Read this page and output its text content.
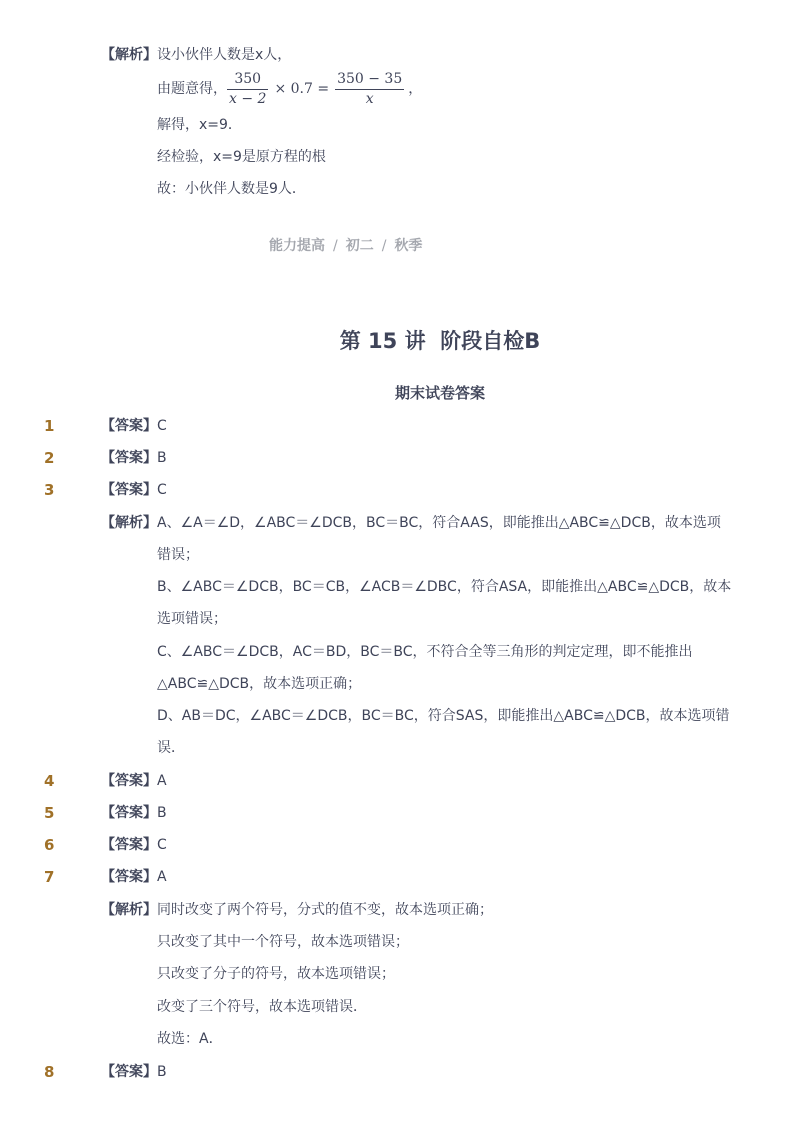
【解析】 设小伙伴人数是x人，
由题意得， $\frac{350}{x - 2} \times 0.7 = \frac{350 - 35}{x}$ ，
解得，x=9．
经检验，x=9是原方程的根
故：小伙伴人数是9人．
能力提高 / 初二 / 秋季
第 15 讲  阶段自检B
期末试卷答案
1	【答案】 C
2	【答案】 B
3	【答案】 C
【解析】 A、∠A＝∠D，∠ABC＝∠DCB，BC＝BC，符合AAS，即能推出△ABC≌△DCB，故本选项
错误；
B、∠ABC＝∠DCB，BC＝CB，∠ACB＝∠DBC，符合ASA，即能推出△ABC≌△DCB，故本
选项错误；
C、∠ABC＝∠DCB，AC＝BD，BC＝BC，不符合全等三角形的判定定理，即不能推出
△ABC≌△DCB，故本选项正确；
D、AB＝DC，∠ABC＝∠DCB，BC＝BC，符合SAS，即能推出△ABC≌△DCB，故本选项错
误．
4	【答案】 A
5	【答案】 B
6	【答案】 C
7	【答案】 A
【解析】 同时改变了两个符号，分式的值不变，故本选项正确；
只改变了其中一个符号，故本选项错误；
只改变了分子的符号，故本选项错误；
改变了三个符号，故本选项错误．
故选：A．
8	【答案】 B
